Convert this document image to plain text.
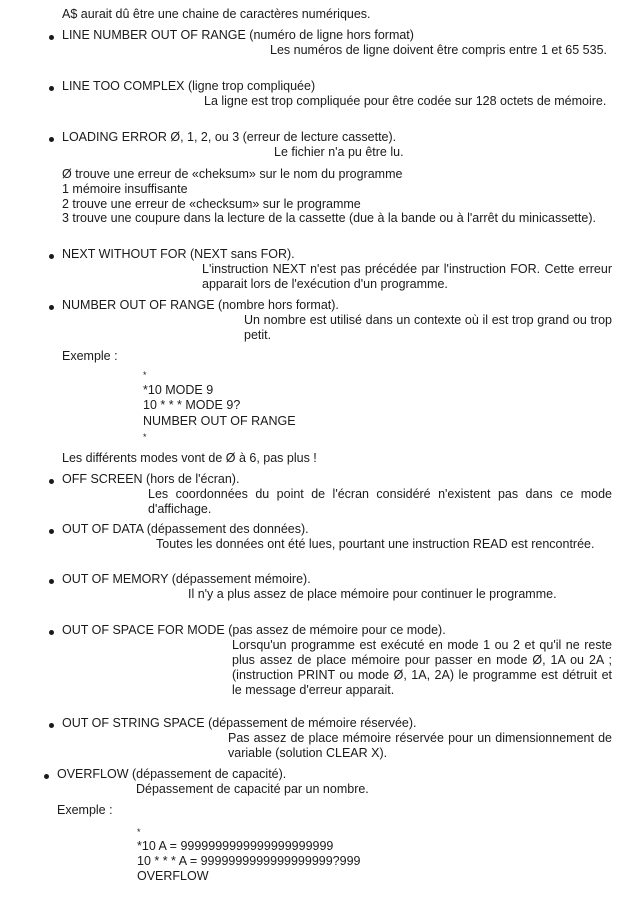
A$ aurait dû être une chaine de caractères numériques.
LINE NUMBER OUT OF RANGE (numéro de ligne hors format)
Les numéros de ligne doivent être compris entre 1 et 65 535.
LINE TOO COMPLEX (ligne trop compliquée)
La ligne est trop compliquée pour être codée sur 128 octets de mémoire.
LOADING ERROR Ø, 1, 2, ou 3 (erreur de lecture cassette).
Le fichier n'a pu être lu.
Ø trouve une erreur de «cheksum» sur le nom du programme
1 mémoire insuffisante
2 trouve une erreur de «checksum» sur le programme
3 trouve une coupure dans la lecture de la cassette (due à la bande ou à l'arrêt du minicassette).
NEXT WITHOUT FOR (NEXT sans FOR).
L'instruction NEXT n'est pas précédée par l'instruction FOR. Cette erreur apparait lors de l'exécution d'un programme.
NUMBER OUT OF RANGE (nombre hors format).
Un nombre est utilisé dans un contexte où il est trop grand ou trop petit.
Exemple :
*
*10 MODE 9
10 * * * MODE 9?
NUMBER OUT OF RANGE
*
Les différents modes vont de Ø à 6, pas plus !
OFF SCREEN (hors de l'écran).
Les coordonnées du point de l'écran considéré n'existent pas dans ce mode d'affichage.
OUT OF DATA (dépassement des données).
Toutes les données ont été lues, pourtant une instruction READ est rencontrée.
OUT OF MEMORY (dépassement mémoire).
Il n'y a plus assez de place mémoire pour continuer le programme.
OUT OF SPACE FOR MODE (pas assez de mémoire pour ce mode).
Lorsqu'un programme est exécuté en mode 1 ou 2 et qu'il ne reste plus assez de place mémoire pour passer en mode Ø, 1A ou 2A ; (instruction PRINT ou mode Ø, 1A, 2A) le programme est détruit et le message d'erreur apparait.
OUT OF STRING SPACE (dépassement de mémoire réservée).
Pas assez de place mémoire réservée pour un dimensionnement de variable (solution CLEAR X).
OVERFLOW (dépassement de capacité).
Dépassement de capacité par un nombre.
Exemple :
*
*10 A = 9999999999999999999999
10 * * * A = 9999999999999999999?999
OVERFLOW
